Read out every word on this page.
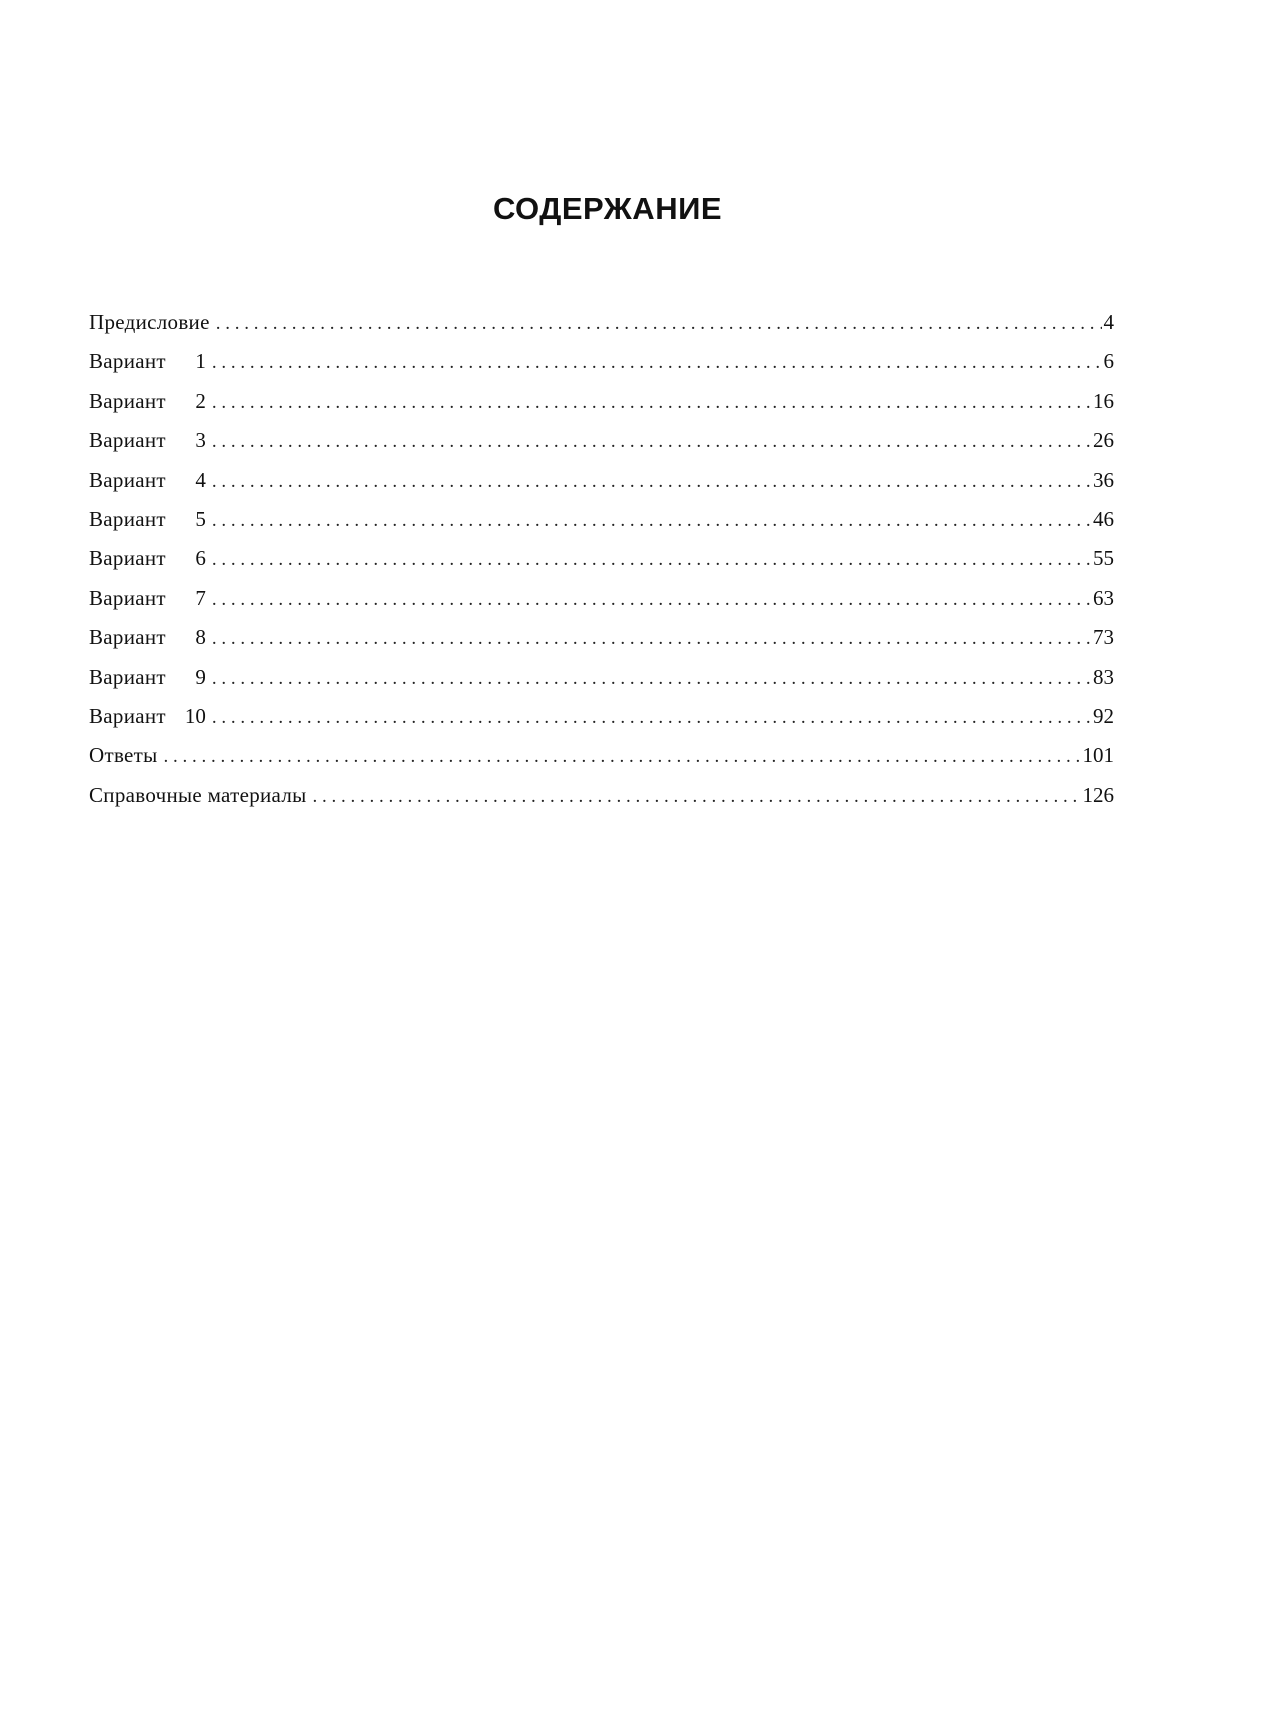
СОДЕРЖАНИЕ
Предисловие . . .	4
Вариант	1 . . .	6
Вариант	2 . . .	16
Вариант	3 . . .	26
Вариант	4 . . .	36
Вариант	5 . . .	46
Вариант	6 . . .	55
Вариант	7 . . .	63
Вариант	8 . . .	73
Вариант	9 . . .	83
Вариант 10 . . .	92
Ответы . . .	101
Справочные материалы . . .	126
